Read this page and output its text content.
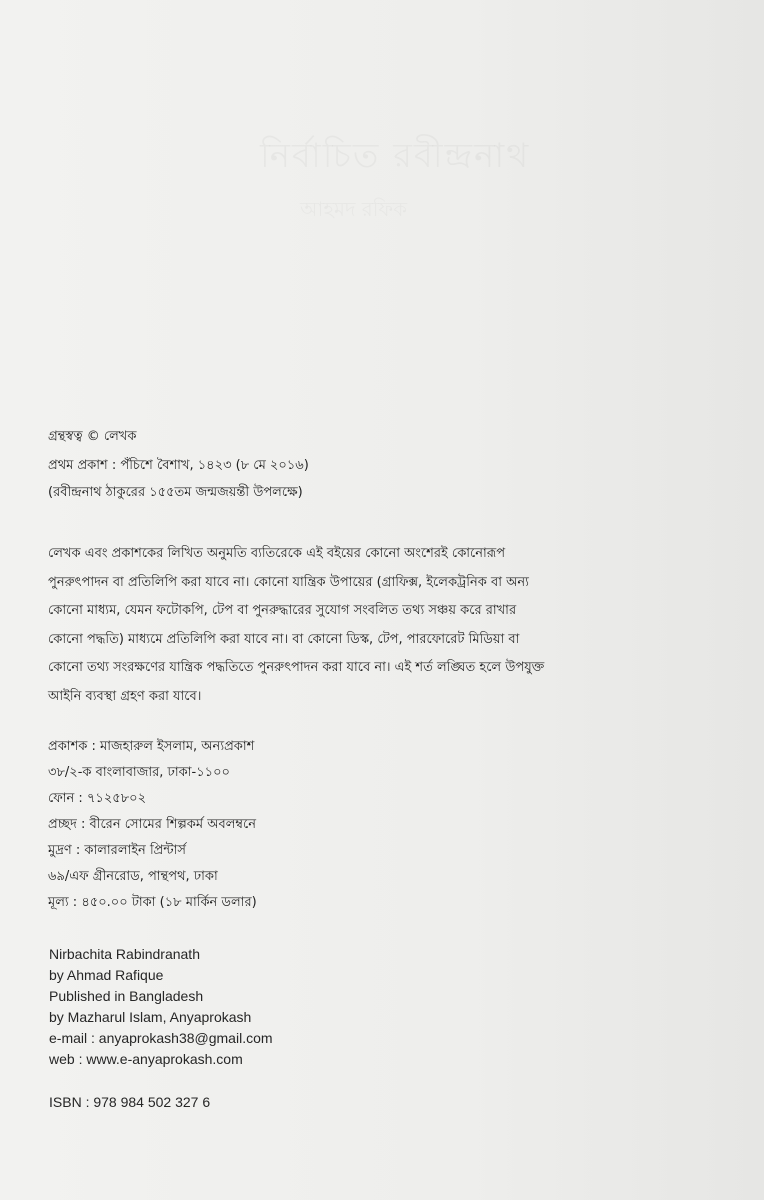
গ্রন্থস্বত্ব © লেখক
প্রথম প্রকাশ : পঁচিশে বৈশাখ, ১৪২৩ (৮ মে ২০১৬)
(রবীন্দ্রনাথ ঠাকুরের ১৫৫তম জন্মজয়ন্তী উপলক্ষে)
লেখক এবং প্রকাশকের লিখিত অনুমতি ব্যতিরেকে এই বইয়ের কোনো অংশেরই কোনোরূপ
পুনরুৎপাদন বা প্রতিলিপি করা যাবে না। কোনো যান্ত্রিক উপায়ের (গ্রাফিক্স, ইলেকট্রনিক বা অন্য
কোনো মাধ্যম, যেমন ফটোকপি, টেপ বা পুনরুদ্ধারের সুযোগ সংবলিত তথ্য সঞ্চয় করে রাখার
কোনো পদ্ধতি) মাধ্যমে প্রতিলিপি করা যাবে না। বা কোনো ডিস্ক, টেপ, পারফোরেট মিডিয়া বা
কোনো তথ্য সংরক্ষণের যান্ত্রিক পদ্ধতিতে পুনরুৎপাদন করা যাবে না। এই শর্ত লঙ্ঘিত হলে উপযুক্ত
আইনি ব্যবস্থা গ্রহণ করা যাবে।
প্রকাশক : মাজহারুল ইসলাম, অন্যপ্রকাশ
৩৮/২-ক বাংলাবাজার, ঢাকা-১১০০
ফোন : ৭১২৫৮০২
প্রচ্ছদ : বীরেন সোমের শিল্পকর্ম অবলম্বনে
মুদ্রণ : কালারলাইন প্রিন্টার্স
৬৯/এফ গ্রীনরোড, পান্থপথ, ঢাকা
মূল্য : ৪৫০.০০ টাকা (১৮ মার্কিন ডলার)
Nirbachita Rabindranath
by Ahmad Rafique
Published in Bangladesh
by Mazharul Islam, Anyaprokash
e-mail : anyaprokash38@gmail.com
web : www.e-anyaprokash.com
ISBN : 978 984 502 327 6
